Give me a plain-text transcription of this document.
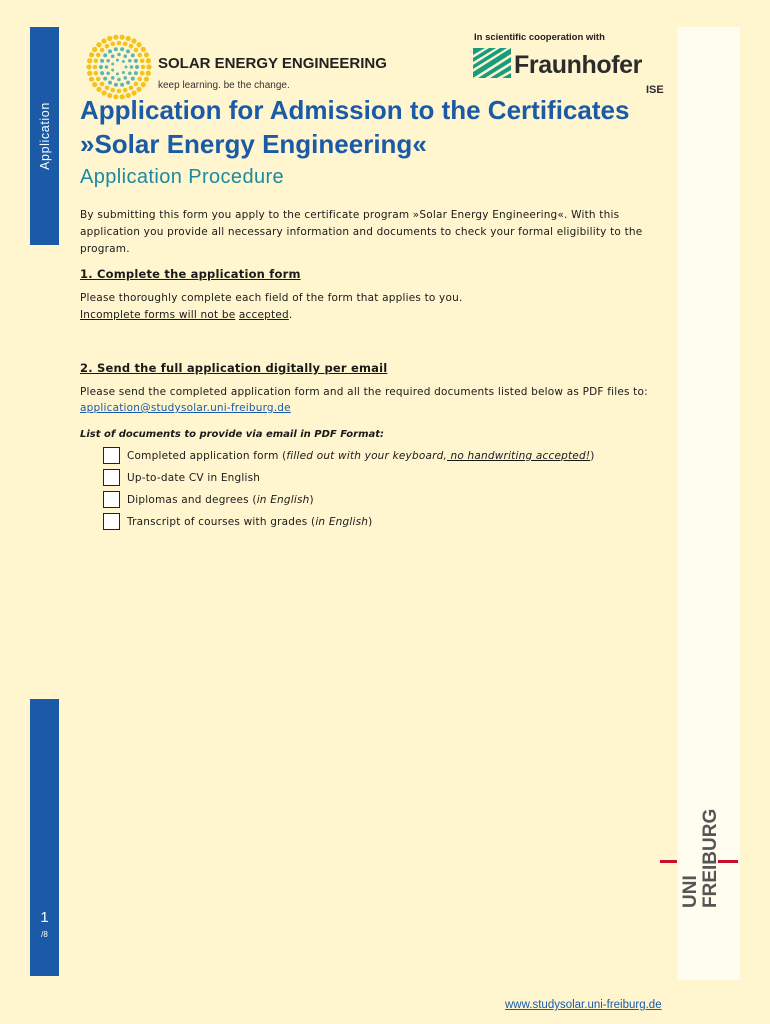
Application
1
/8
SOLAR ENERGY ENGINEERING
keep learning. be the change.
In scientific cooperation with
Fraunhofer
ISE
Application for Admission to the Certificates »Solar Energy Engineering«
Application Procedure
By submitting this form you apply to the certificate program »Solar Energy Engineering«. With this application you provide all necessary information and documents to check your formal eligibility to the program.
1. Complete the application form
Please thoroughly complete each field of the form that applies to you.
Incomplete forms will not be accepted.
2. Send the full application digitally per email
Please send the completed application form and all the required documents listed below as PDF files to: application@studysolar.uni-freiburg.de
List of documents to provide via email in PDF Format:
Completed application form (filled out with your keyboard, no handwriting accepted!)
Up-to-date CV in English
Diplomas and degrees (in English)
Transcript of courses with grades (in English)
UNI FREIBURG
www.studysolar.uni-freiburg.de
